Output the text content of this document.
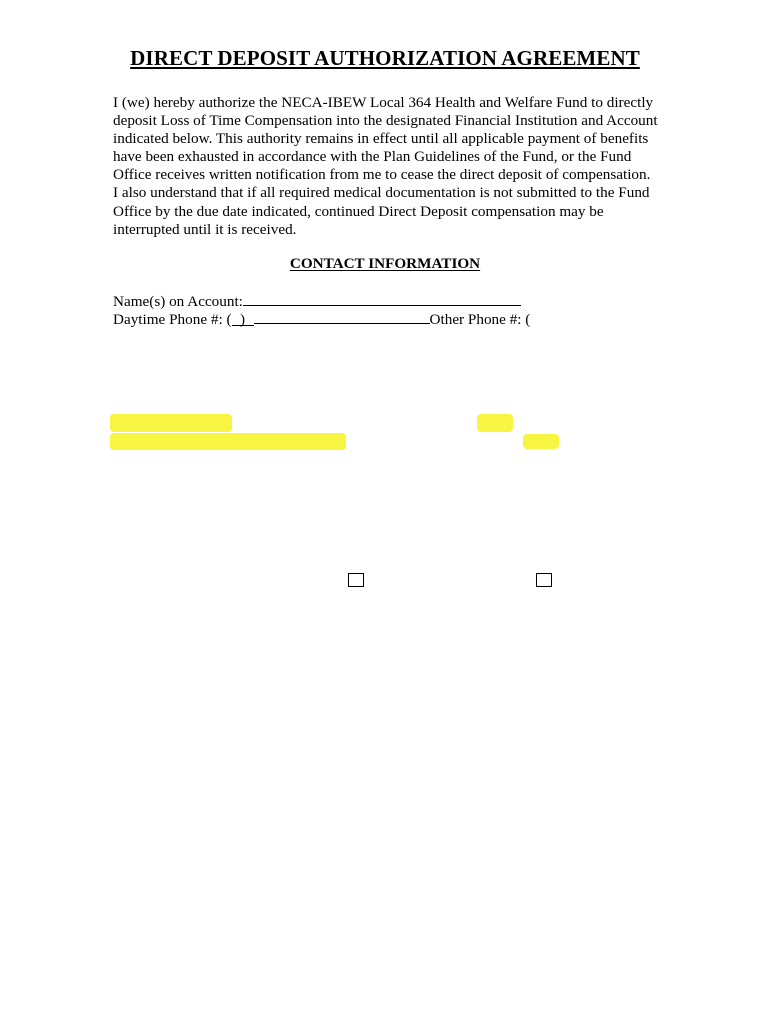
DIRECT DEPOSIT AUTHORIZATION AGREEMENT
I (we) hereby authorize the NECA-IBEW Local 364 Health and Welfare Fund to directly
deposit Loss of Time Compensation into the designated Financial Institution and Account
indicated below. This authority remains in effect until all applicable payment of benefits
have been exhausted in accordance with the Plan Guidelines of the Fund, or the Fund
Office receives written notification from me to cease the direct deposit of compensation.
I also understand that if all required medical documentation is not submitted to the Fund
Office by the due date indicated, continued Direct Deposit compensation may be
interrupted until it is received.
CONTACT INFORMATION
Name(s) on Account:
Daytime Phone #: ( )	Other Phone #: (
